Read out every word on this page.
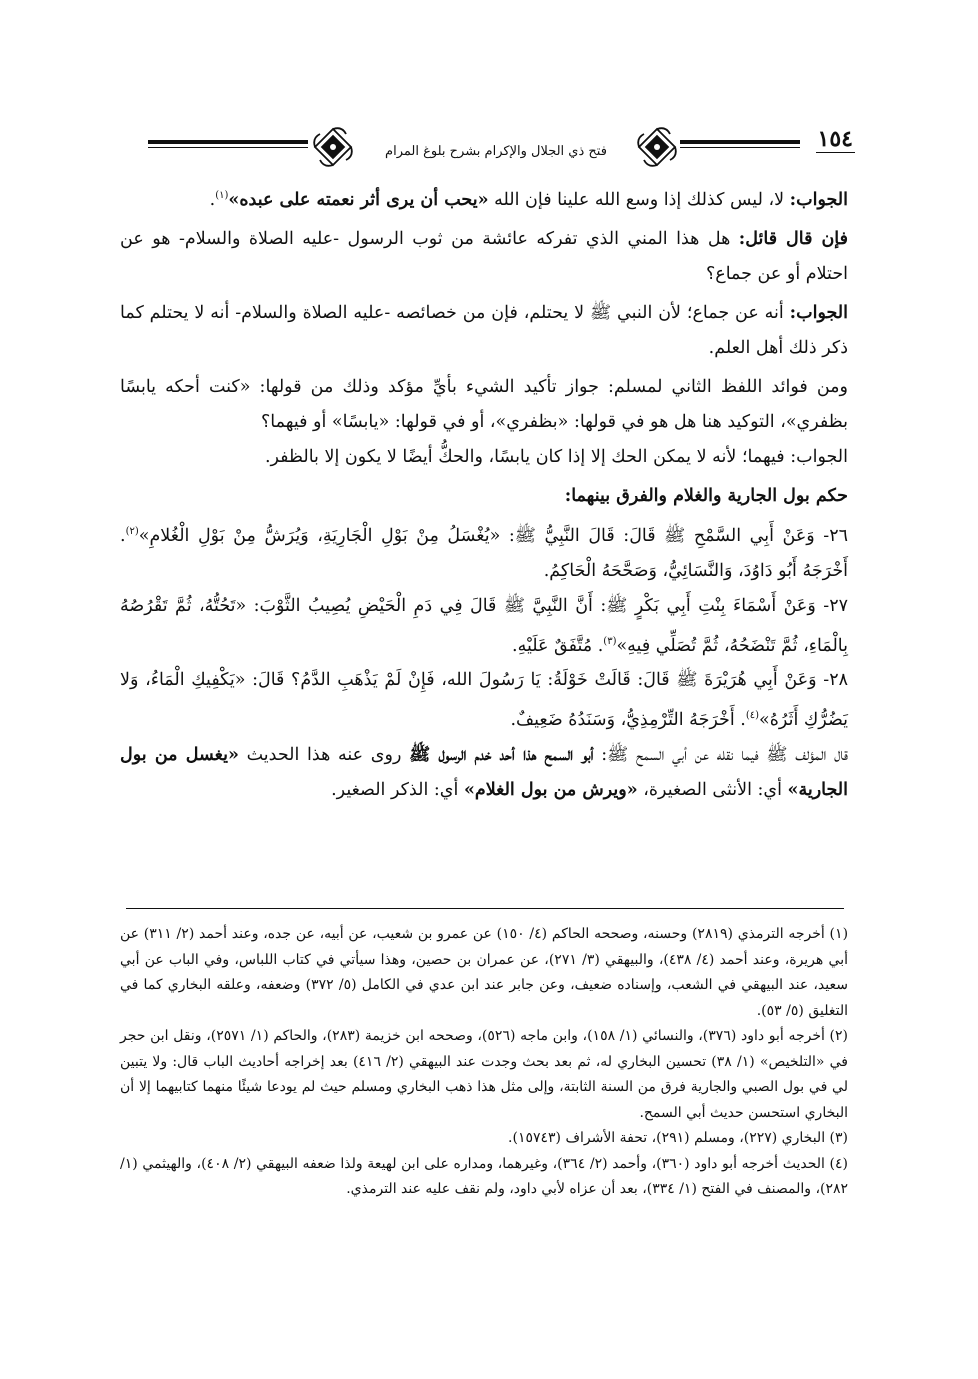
فتح ذي الجلال والإكرام بشرح بلوغ المرام	١٥٤

الجواب: لا، ليس كذلك إذا وسع الله علينا فإن الله «يحب أن يرى أثر نعمته على عبده»$^{(١)}$.

فإن قال قائل: هل هذا المني الذي تفركه عائشة من ثوب الرسول -عليه الصلاة والسلام- هو عن احتلام أو عن جماع؟

الجواب: أنه عن جماع؛ لأن النبي ﷺ لا يحتلم، فإن من خصائصه -عليه الصلاة والسلام- أنه لا يحتلم كما ذكر ذلك أهل العلم.

ومن فوائد اللفظ الثاني لمسلم: جواز تأكيد الشيء بأيِّ مؤكد وذلك من قولها: «كنت أحكه يابسًا بظفري»، التوكيد هنا هل هو في قولها: «بظفري»، أو في قولها: «يابسًا» أو فيهما؟

الجواب: فيهما؛ لأنه لا يمكن الحك إلا إذا كان يابسًا، والحكُّ أيضًا لا يكون إلا بالظفر.

حكم بول الجارية والغلام والفرق بينهما:

٢٦- وَعَنْ أَبِي السَّمْحِ ﷺ قَالَ: قَالَ النَّبِيُّ ﷺ: «يُغْسَلُ مِنْ بَوْلِ الْجَارِيَةِ، وَيُرَشُّ مِنْ بَوْلِ الْغُلامِ»$^{(٢)}$. أَخْرَجَهُ أَبُو دَاوُدَ، وَالنَّسَائِيُّ، وَصَحَّحَهُ الْحَاكِمُ.

٢٧- وَعَنْ أَسْمَاءَ بِنْتِ أَبِي بَكْرٍ ﷺ: أَنَّ النَّبِيَّ ﷺ قَالَ فِي دَمِ الْحَيْضِ يُصِيبُ الثَّوْبَ: «تَحُتُّهُ، ثُمَّ تَقْرُصُهُ بِالْمَاءِ، ثُمَّ تَنْضَحُهُ، ثُمَّ تُصَلِّي فِيهِ»$^{(٣)}$. مُتَّفَقٌ عَلَيْهِ.

٢٨- وَعَنْ أَبِي هُرَيْرَةَ ﷺ قَالَ: قَالَتْ خَوْلَةُ: يَا رَسُولَ الله، فَإِنْ لَمْ يَذْهَبِ الدَّمُ؟ قَالَ: «يَكْفِيكِ الْمَاءُ، وَلا يَضُرُّكِ أَثَرُهُ»$^{(٤)}$. أَخْرَجَهُ التِّرْمِذِيُّ، وَسَنَدُهُ ضَعِيفٌ.

قال المؤلف ﷺ فيما نقله عن أبي السمح ﷺ: أبو السمح هذا أحد خدم الرسول ﷺ روى عنه هذا الحديث «يغسل من بول الجارية» أي: الأنثى الصغيرة، «ويرش من بول الغلام» أي: الذكر الصغير.

(١) أخرجه الترمذي (٢٨١٩) وحسنه، وصححه الحاكم (٤/ ١٥٠) عن عمرو بن شعيب، عن أبيه، عن جده، وعند أحمد (٢/ ٣١١) عن أبي هريرة، وعند أحمد (٤/ ٤٣٨)، والبيهقي (٣/ ٢٧١)، عن عمران بن حصين، وهذا سيأتي في كتاب اللباس، وفي الباب عن أبي سعيد، عند البيهقي في الشعب، وإسناده ضعيف، وعن جابر عند ابن عدي في الكامل (٥/ ٣٧٢) وضعفه، وعلقه البخاري كما في التغليق (٥/ ٥٣).

(٢) أخرجه أبو داود (٣٧٦)، والنسائي (١/ ١٥٨)، وابن ماجه (٥٢٦)، وصححه ابن خزيمة (٢٨٣)، والحاكم (١/ ٢٥٧١)، ونقل ابن حجر في «التلخيص» (١/ ٣٨) تحسين البخاري له، ثم بعد بحث وجدت عند البيهقي (٢/ ٤١٦) بعد إخراجه أحاديث الباب قال: ولا يتبين لي في بول الصبي والجارية فرق من السنة الثابتة، وإلى مثل هذا ذهب البخاري ومسلم حيث لم يودعا شيئًا منهما كتابيهما إلا أن البخاري استحسن حديث أبي السمح.

(٣) البخاري (٢٢٧)، ومسلم (٢٩١)، تحفة الأشراف (١٥٧٤٣).

(٤) الحديث أخرجه أبو داود (٣٦٠)، وأحمد (٢/ ٣٦٤)، وغيرهما، ومداره على ابن لهيعة ولذا ضعفه البيهقي (٢/ ٤٠٨)، والهيثمي (١/ ٢٨٢)، والمصنف في الفتح (١/ ٣٣٤)، بعد أن عزاه لأبي داود، ولم نقف عليه عند الترمذي.
